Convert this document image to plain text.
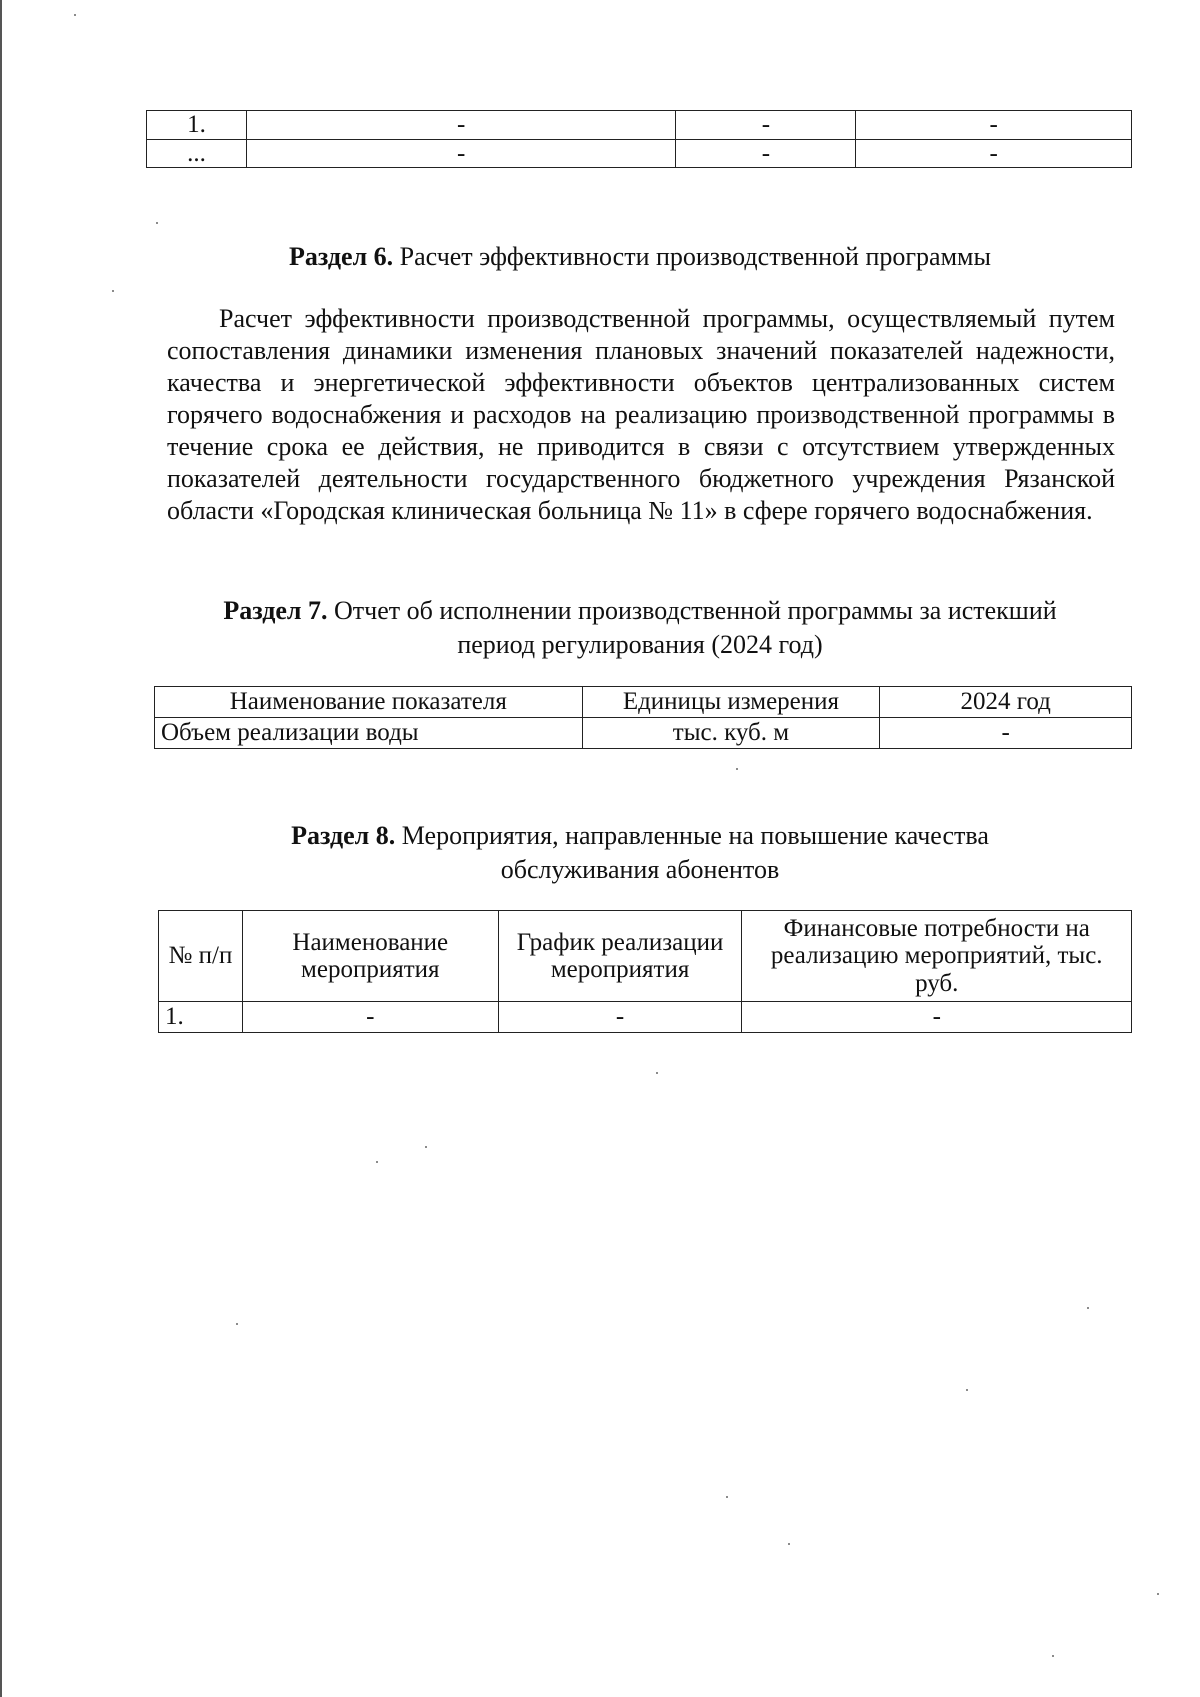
1.	-	-	-
...	-	-	-
Раздел 6. Расчет эффективности производственной программы
Расчет эффективности производственной программы, осуществляемый путем сопоставления динамики изменения плановых значений показателей надежности, качества и энергетической эффективности объектов централизованных систем горячего водоснабжения и расходов на реализацию производственной программы в течение срока ее действия, не приводится в связи с отсутствием утвержденных показателей деятельности государственного бюджетного учреждения Рязанской области «Городская клиническая больница № 11» в сфере горячего водоснабжения.
Раздел 7. Отчет об исполнении производственной программы за истекший
период регулирования (2024 год)
Наименование показателя	Единицы измерения	2024 год
Объем реализации воды	тыс. куб. м	-
Раздел 8. Мероприятия, направленные на повышение качества
обслуживания абонентов
№ п/п	Наименование мероприятия	График реализации мероприятия	Финансовые потребности на реализацию мероприятий, тыс. руб.
1.	-	-	-
